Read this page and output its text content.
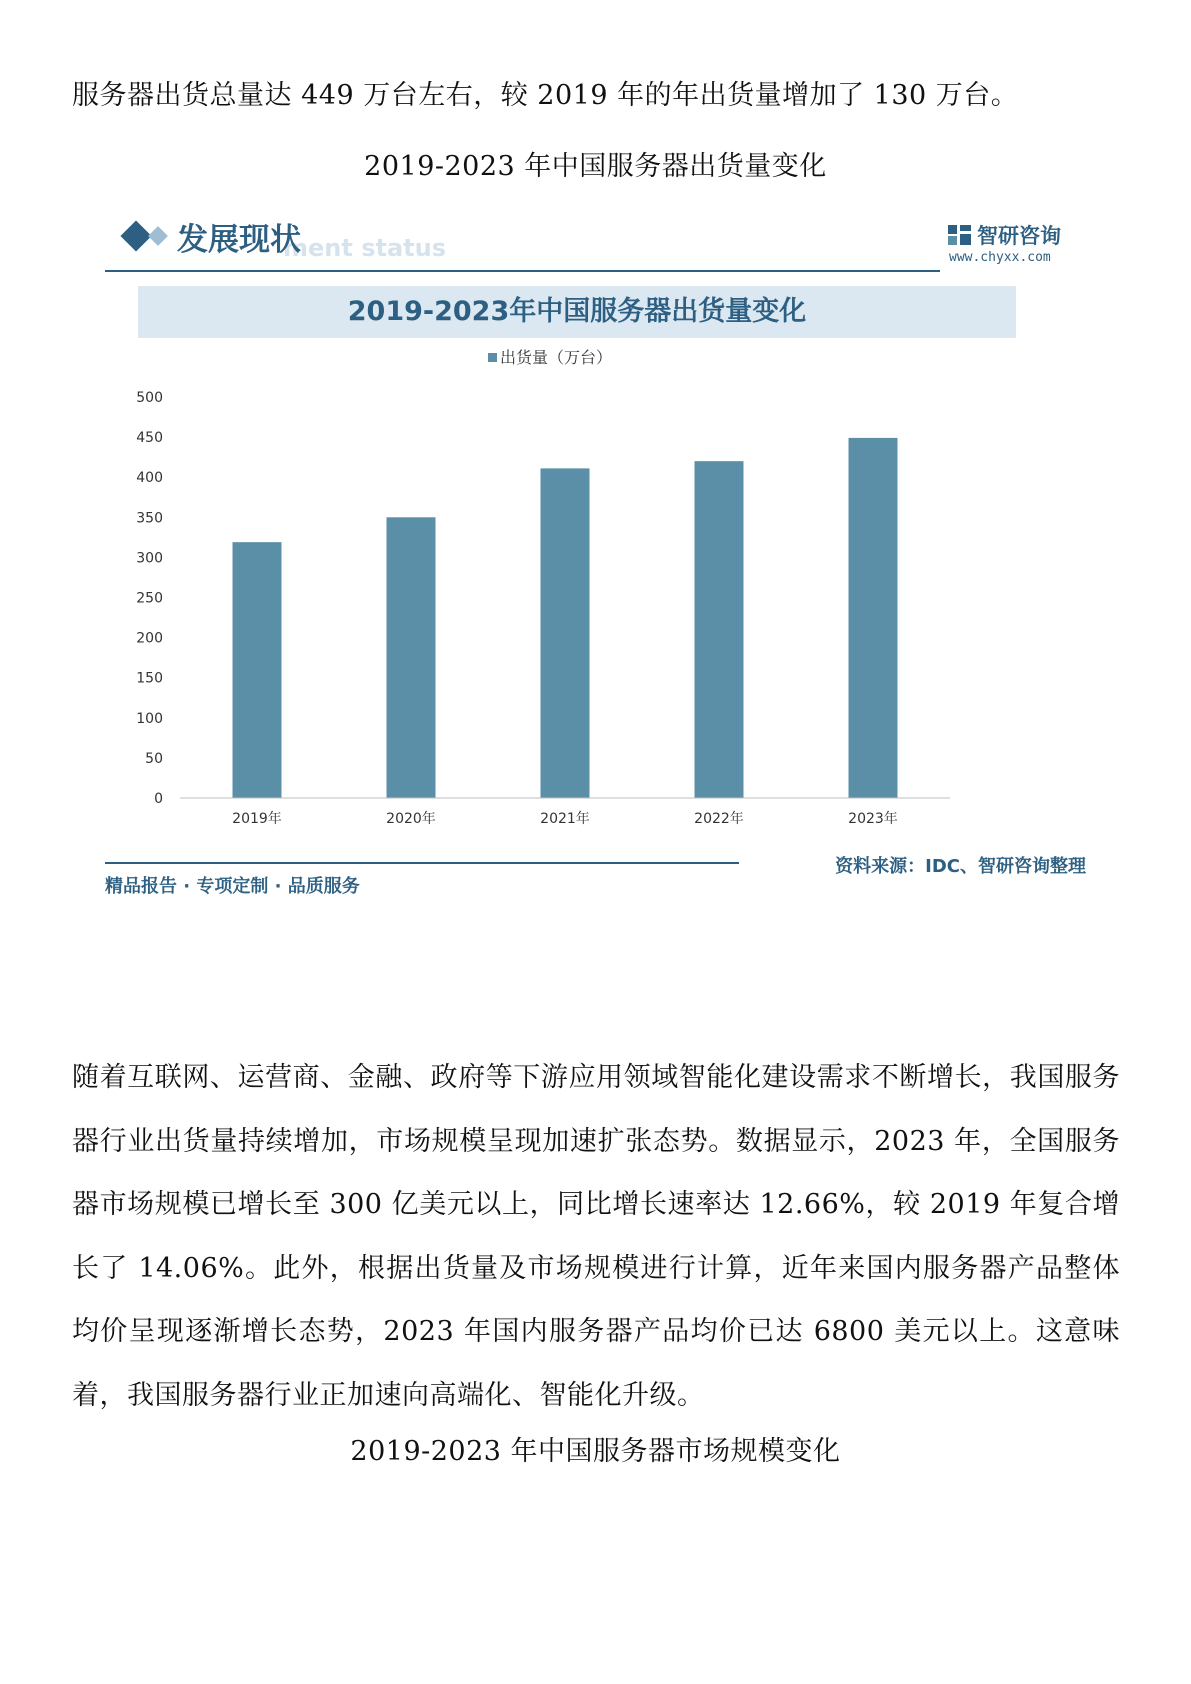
服务器出货总量达 449 万台左右，较 2019 年的年出货量增加了 130 万台。

2019-2023 年中国服务器出货量变化

ment status
发展现状	智研咨询
www.chyxx.com
2019-2023年中国服务器出货量变化
出货量（万台）
0
50
100
150
200
250
300
350
400
450
500
2019年	2020年	2021年	2022年	2023年
精品报告 · 专项定制 · 品质服务
资料来源：IDC、智研咨询整理

随着互联网、运营商、金融、政府等下游应用领域智能化建设需求不断增长，我国服务器行业出货量持续增加，市场规模呈现加速扩张态势。数据显示，2023 年，全国服务器市场规模已增长至 300 亿美元以上，同比增长速率达 12.66%，较 2019 年复合增长了 14.06%。此外，根据出货量及市场规模进行计算，近年来国内服务器产品整体均价呈现逐渐增长态势，2023 年国内服务器产品均价已达 6800 美元以上。这意味着，我国服务器行业正加速向高端化、智能化升级。

2019-2023 年中国服务器市场规模变化
